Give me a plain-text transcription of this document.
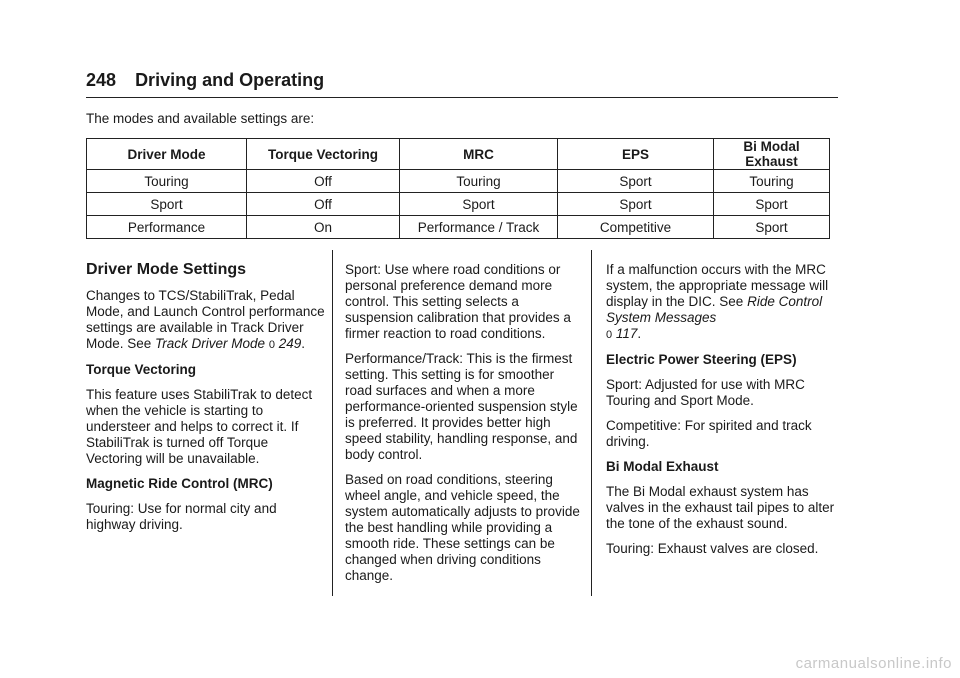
248 Driving and Operating
The modes and available settings are:
Driver Mode	Torque Vectoring	MRC	EPS	Bi Modal Exhaust
Touring	Off	Touring	Sport	Touring
Sport	Off	Sport	Sport	Sport
Performance	On	Performance / Track	Competitive	Sport
Driver Mode Settings

Changes to TCS/StabiliTrak, Pedal Mode, and Launch Control performance settings are available in Track Driver Mode. See Track Driver Mode 0 249.

Torque Vectoring

This feature uses StabiliTrak to detect when the vehicle is starting to understeer and helps to correct it. If StabiliTrak is turned off Torque Vectoring will be unavailable.

Magnetic Ride Control (MRC)

Touring: Use for normal city and highway driving.

Sport: Use where road conditions or personal preference demand more control. This setting selects a suspension calibration that provides a firmer reaction to road conditions.

Performance/Track: This is the firmest setting. This setting is for smoother road surfaces and when a more performance-oriented suspension style is preferred. It provides better high speed stability, handling response, and body control.

Based on road conditions, steering wheel angle, and vehicle speed, the system automatically adjusts to provide the best handling while providing a smooth ride. These settings can be changed when driving conditions change.

If a malfunction occurs with the MRC system, the appropriate message will display in the DIC. See Ride Control System Messages
0 117.

Electric Power Steering (EPS)

Sport: Adjusted for use with MRC Touring and Sport Mode.

Competitive: For spirited and track driving.

Bi Modal Exhaust

The Bi Modal exhaust system has valves in the exhaust tail pipes to alter the tone of the exhaust sound.

Touring: Exhaust valves are closed.

carmanualsonline.info
